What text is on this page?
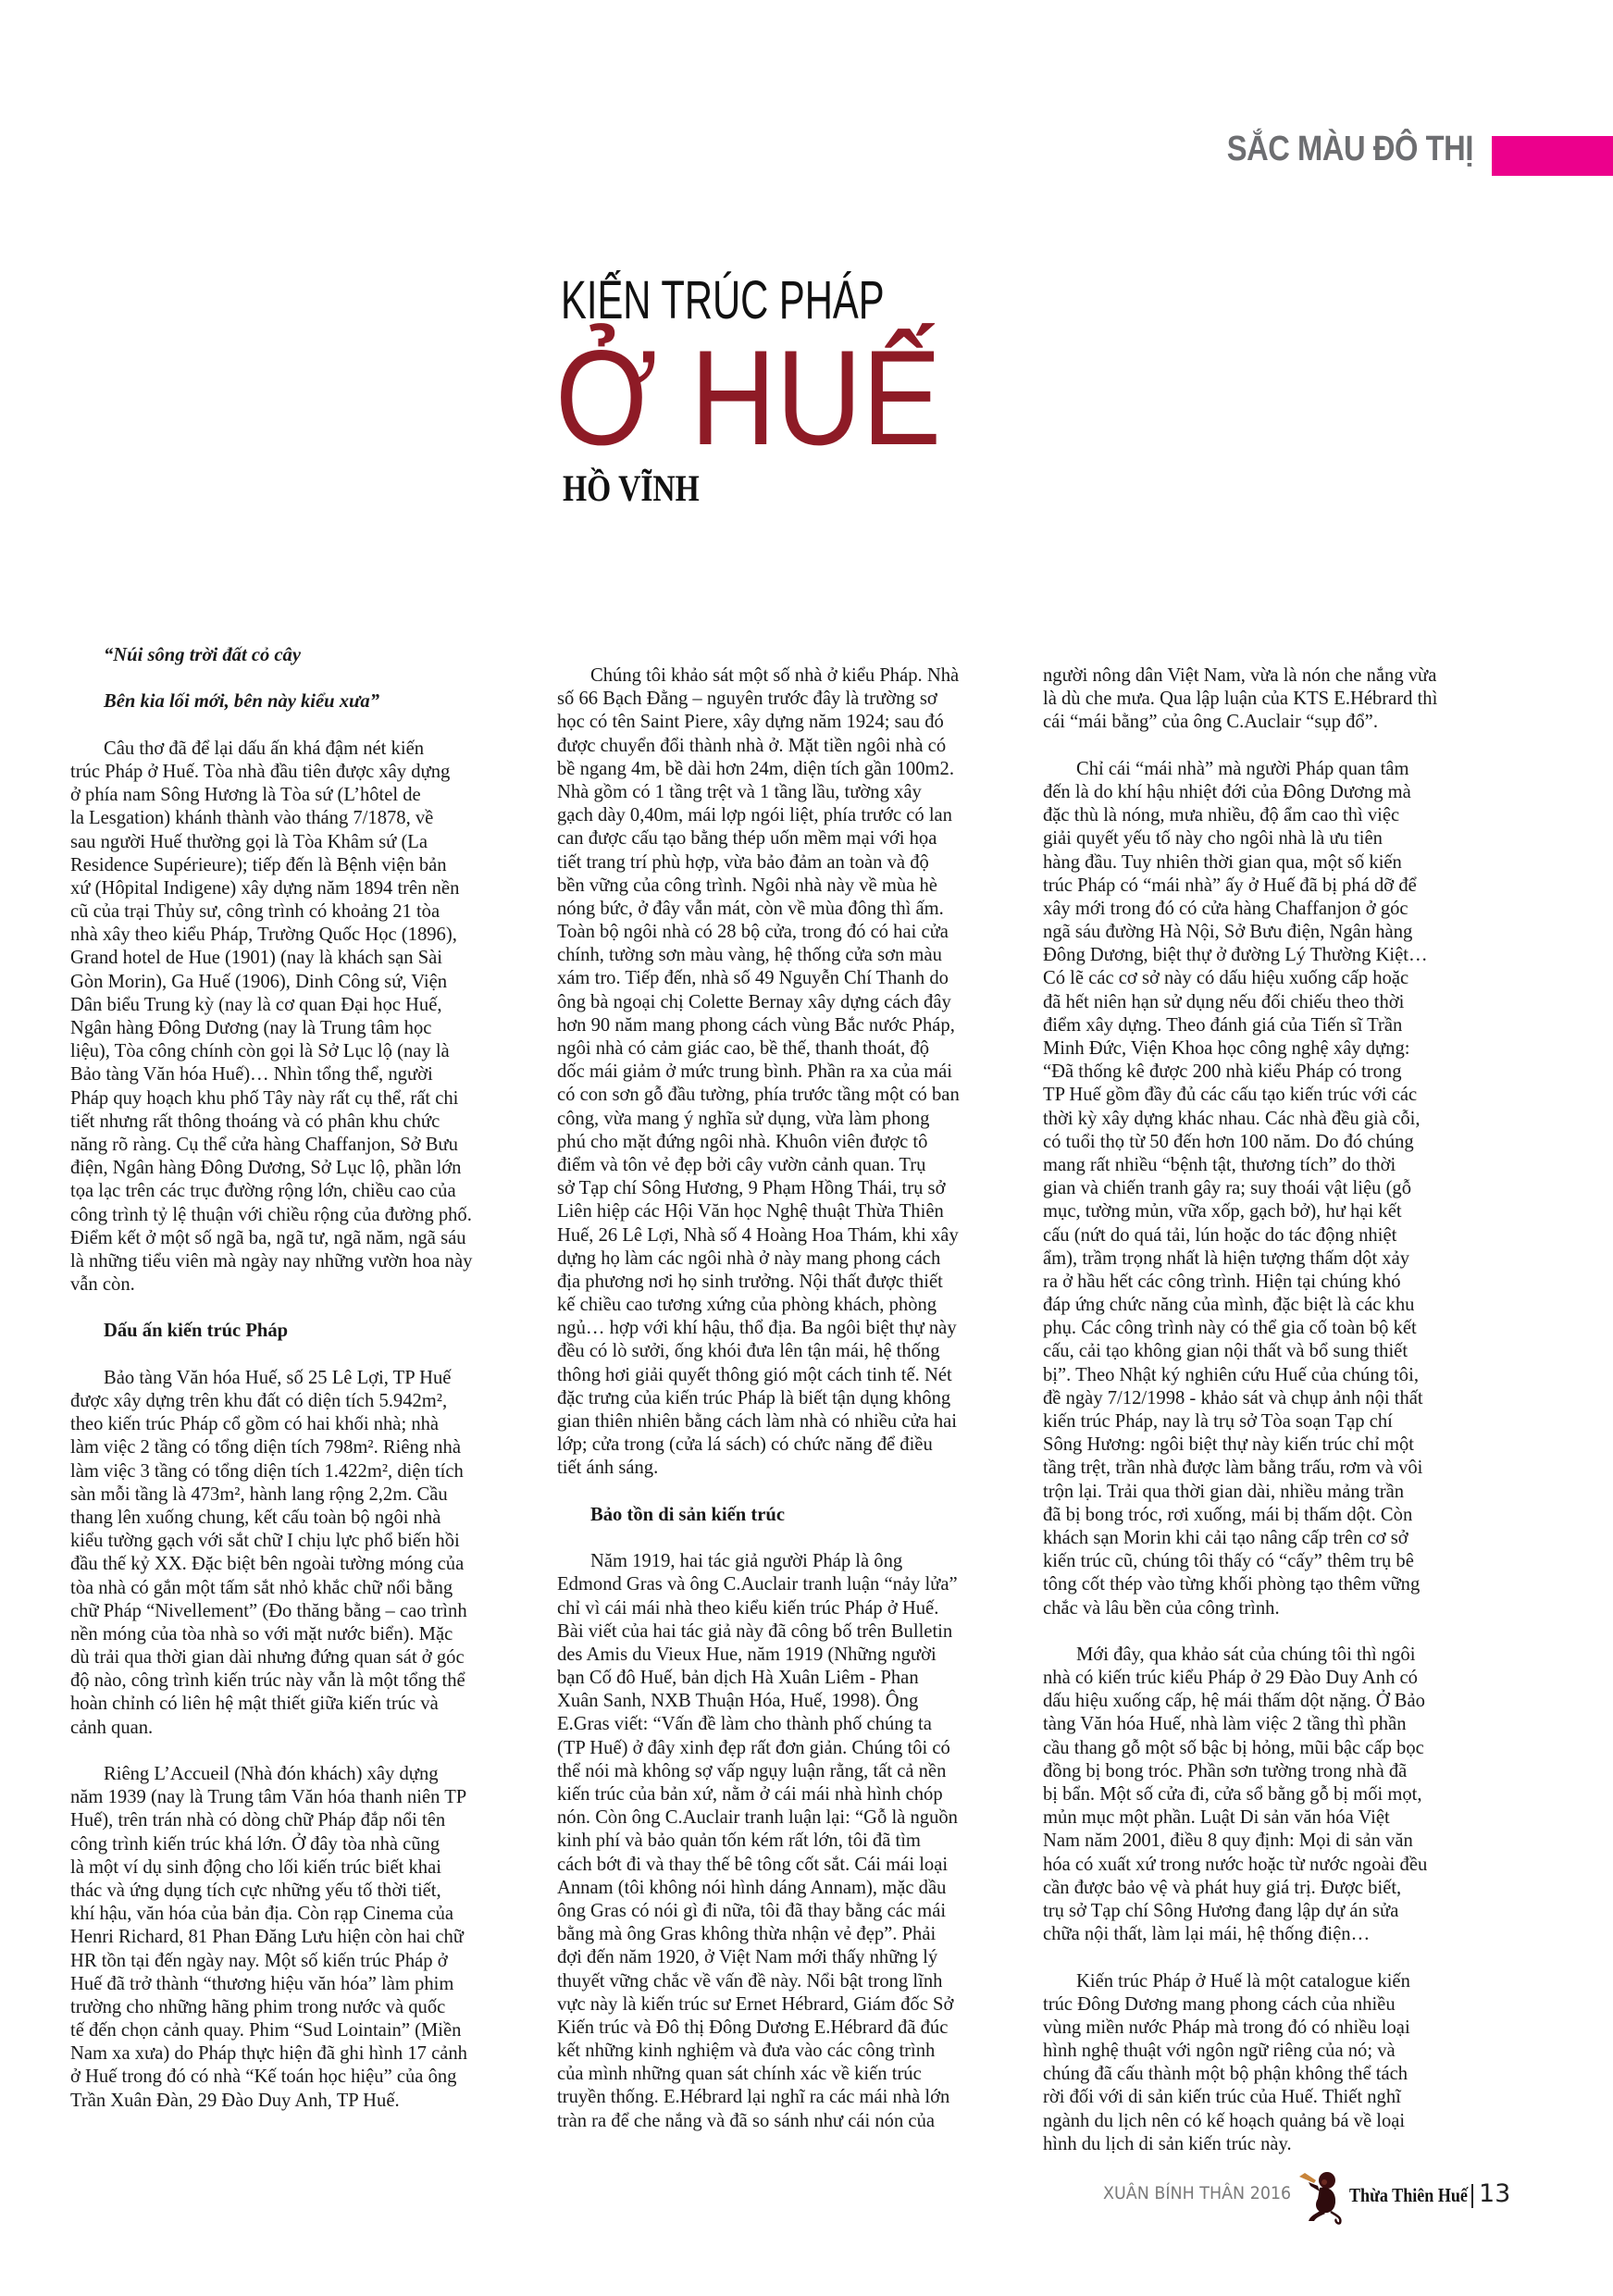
SẮC MÀU ĐÔ THỊ
KIẾN TRÚC PHÁP
Ở HUẾ
HỒ VĨNH
“Núi sông trời đất cỏ cây
Bên kia lối mới, bên này kiểu xưa”
Câu thơ đã để lại dấu ấn khá đậm nét kiến
trúc Pháp ở Huế. Tòa nhà đầu tiên được xây dựng
ở phía nam Sông Hương là Tòa sứ (L’hôtel de
la Lesgation) khánh thành vào tháng 7/1878, về
sau người Huế thường gọi là Tòa Khâm sứ (La
Residence Supérieure); tiếp đến là Bệnh viện bản
xứ (Hôpital Indigene) xây dựng năm 1894 trên nền
cũ của trại Thủy sư, công trình có khoảng 21 tòa
nhà xây theo kiểu Pháp, Trường Quốc Học (1896),
Grand hotel de Hue (1901) (nay là khách sạn Sài
Gòn Morin), Ga Huế (1906), Dinh Công sứ, Viện
Dân biểu Trung kỳ (nay là cơ quan Đại học Huế,
Ngân hàng Đông Dương (nay là Trung tâm học
liệu), Tòa công chính còn gọi là Sở Lục lộ (nay là
Bảo tàng Văn hóa Huế)… Nhìn tổng thể, người
Pháp quy hoạch khu phố Tây này rất cụ thể, rất chi
tiết nhưng rất thông thoáng và có phân khu chức
năng rõ ràng. Cụ thể cửa hàng Chaffanjon, Sở Bưu
điện, Ngân hàng Đông Dương, Sở Lục lộ, phần lớn
tọa lạc trên các trục đường rộng lớn, chiều cao của
công trình tỷ lệ thuận với chiều rộng của đường phố.
Điểm kết ở một số ngã ba, ngã tư, ngã năm, ngã sáu
là những tiểu viên mà ngày nay những vườn hoa này
vẫn còn.
Dấu ấn kiến trúc Pháp
Bảo tàng Văn hóa Huế, số 25 Lê Lợi, TP Huế
được xây dựng trên khu đất có diện tích 5.942m²,
theo kiến trúc Pháp cổ gồm có hai khối nhà; nhà
làm việc 2 tầng có tổng diện tích 798m². Riêng nhà
làm việc 3 tầng có tổng diện tích 1.422m², diện tích
sàn mỗi tầng là 473m², hành lang rộng 2,2m. Cầu
thang lên xuống chung, kết cấu toàn bộ ngôi nhà
kiểu tường gạch với sắt chữ I chịu lực phổ biến hồi
đầu thế kỷ XX. Đặc biệt bên ngoài tường móng của
tòa nhà có gắn một tấm sắt nhỏ khắc chữ nổi bằng
chữ Pháp “Nivellement” (Đo thăng bằng – cao trình
nền móng của tòa nhà so với mặt nước biển). Mặc
dù trải qua thời gian dài nhưng đứng quan sát ở góc
độ nào, công trình kiến trúc này vẫn là một tổng thể
hoàn chỉnh có liên hệ mật thiết giữa kiến trúc và
cảnh quan.
Riêng L’Accueil (Nhà đón khách) xây dựng
năm 1939 (nay là Trung tâm Văn hóa thanh niên TP
Huế), trên trán nhà có dòng chữ Pháp đắp nổi tên
công trình kiến trúc khá lớn. Ở đây tòa nhà cũng
là một ví dụ sinh động cho lối kiến trúc biết khai
thác và ứng dụng tích cực những yếu tố thời tiết,
khí hậu, văn hóa của bản địa. Còn rạp Cinema của
Henri Richard, 81 Phan Đăng Lưu hiện còn hai chữ
HR tồn tại đến ngày nay. Một số kiến trúc Pháp ở
Huế đã trở thành “thương hiệu văn hóa” làm phim
trường cho những hãng phim trong nước và quốc
tế đến chọn cảnh quay. Phim “Sud Lointain” (Miền
Nam xa xưa) do Pháp thực hiện đã ghi hình 17 cảnh
ở Huế trong đó có nhà “Kế toán học hiệu” của ông
Trần Xuân Đàn, 29 Đào Duy Anh, TP Huế.
Chúng tôi khảo sát một số nhà ở kiểu Pháp. Nhà
số 66 Bạch Đằng – nguyên trước đây là trường sơ
học có tên Saint Piere, xây dựng năm 1924; sau đó
được chuyển đổi thành nhà ở. Mặt tiền ngôi nhà có
bề ngang 4m, bề dài hơn 24m, diện tích gần 100m2.
Nhà gồm có 1 tầng trệt và 1 tầng lầu, tường xây
gạch dày 0,40m, mái lợp ngói liệt, phía trước có lan
can được cấu tạo bằng thép uốn mềm mại với họa
tiết trang trí phù hợp, vừa bảo đảm an toàn và độ
bền vững của công trình. Ngôi nhà này về mùa hè
nóng bức, ở đây vẫn mát, còn về mùa đông thì ấm.
Toàn bộ ngôi nhà có 28 bộ cửa, trong đó có hai cửa
chính, tường sơn màu vàng, hệ thống cửa sơn màu
xám tro. Tiếp đến, nhà số 49 Nguyễn Chí Thanh do
ông bà ngoại chị Colette Bernay xây dựng cách đây
hơn 90 năm mang phong cách vùng Bắc nước Pháp,
ngôi nhà có cảm giác cao, bề thế, thanh thoát, độ
dốc mái giảm ở mức trung bình. Phần ra xa của mái
có con sơn gỗ đầu tường, phía trước tầng một có ban
công, vừa mang ý nghĩa sử dụng, vừa làm phong
phú cho mặt đứng ngôi nhà. Khuôn viên được tô
điểm và tôn vẻ đẹp bởi cây vườn cảnh quan. Trụ
sở Tạp chí Sông Hương, 9 Phạm Hồng Thái, trụ sở
Liên hiệp các Hội Văn học Nghệ thuật Thừa Thiên
Huế, 26 Lê Lợi, Nhà số 4 Hoàng Hoa Thám, khi xây
dựng họ làm các ngôi nhà ở này mang phong cách
địa phương nơi họ sinh trưởng. Nội thất được thiết
kế chiều cao tương xứng của phòng khách, phòng
ngủ… hợp với khí hậu, thổ địa. Ba ngôi biệt thự này
đều có lò sưởi, ống khói đưa lên tận mái, hệ thống
thông hơi giải quyết thông gió một cách tinh tế. Nét
đặc trưng của kiến trúc Pháp là biết tận dụng không
gian thiên nhiên bằng cách làm nhà có nhiều cửa hai
lớp; cửa trong (cửa lá sách) có chức năng để điều
tiết ánh sáng.
Bảo tồn di sản kiến trúc
Năm 1919, hai tác giả người Pháp là ông
Edmond Gras và ông C.Auclair tranh luận “nảy lửa”
chỉ vì cái mái nhà theo kiểu kiến trúc Pháp ở Huế.
Bài viết của hai tác giả này đã công bố trên Bulletin
des Amis du Vieux Hue, năm 1919 (Những người
bạn Cố đô Huế, bản dịch Hà Xuân Liêm - Phan
Xuân Sanh, NXB Thuận Hóa, Huế, 1998). Ông
E.Gras viết: “Vấn đề làm cho thành phố chúng ta
(TP Huế) ở đây xinh đẹp rất đơn giản. Chúng tôi có
thể nói mà không sợ vấp ngụy luận rằng, tất cả nền
kiến trúc của bản xứ, nằm ở cái mái nhà hình chóp
nón. Còn ông C.Auclair tranh luận lại: “Gỗ là nguồn
kinh phí và bảo quản tốn kém rất lớn, tôi đã tìm
cách bớt đi và thay thế bê tông cốt sắt. Cái mái loại
Annam (tôi không nói hình dáng Annam), mặc dầu
ông Gras có nói gì đi nữa, tôi đã thay bằng các mái
bằng mà ông Gras không thừa nhận vẻ đẹp”. Phải
đợi đến năm 1920, ở Việt Nam mới thấy những lý
thuyết vững chắc về vấn đề này. Nổi bật trong lĩnh
vực này là kiến trúc sư Ernet Hébrard, Giám đốc Sở
Kiến trúc và Đô thị Đông Dương E.Hébrard đã đúc
kết những kinh nghiệm và đưa vào các công trình
của mình những quan sát chính xác về kiến trúc
truyền thống. E.Hébrard lại nghĩ ra các mái nhà lớn
tràn ra để che nắng và đã so sánh như cái nón của
người nông dân Việt Nam, vừa là nón che nắng vừa
là dù che mưa. Qua lập luận của KTS E.Hébrard thì
cái “mái bằng” của ông C.Auclair “sụp đổ”.
Chỉ cái “mái nhà” mà người Pháp quan tâm
đến là do khí hậu nhiệt đới của Đông Dương mà
đặc thù là nóng, mưa nhiều, độ ẩm cao thì việc
giải quyết yếu tố này cho ngôi nhà là ưu tiên
hàng đầu. Tuy nhiên thời gian qua, một số kiến
trúc Pháp có “mái nhà” ấy ở Huế đã bị phá dỡ để
xây mới trong đó có cửa hàng Chaffanjon ở góc
ngã sáu đường Hà Nội, Sở Bưu điện, Ngân hàng
Đông Dương, biệt thự ở đường Lý Thường Kiệt…
Có lẽ các cơ sở này có dấu hiệu xuống cấp hoặc
đã hết niên hạn sử dụng nếu đối chiếu theo thời
điểm xây dựng. Theo đánh giá của Tiến sĩ Trần
Minh Đức, Viện Khoa học công nghệ xây dựng:
“Đã thống kê được 200 nhà kiểu Pháp có trong
TP Huế gồm đầy đủ các cấu tạo kiến trúc với các
thời kỳ xây dựng khác nhau. Các nhà đều già cỗi,
có tuổi thọ từ 50 đến hơn 100 năm. Do đó chúng
mang rất nhiều “bệnh tật, thương tích” do thời
gian và chiến tranh gây ra; suy thoái vật liệu (gỗ
mục, tường mủn, vữa xốp, gạch bở), hư hại kết
cấu (nứt do quá tải, lún hoặc do tác động nhiệt
ẩm), trầm trọng nhất là hiện tượng thấm dột xảy
ra ở hầu hết các công trình. Hiện tại chúng khó
đáp ứng chức năng của mình, đặc biệt là các khu
phụ. Các công trình này có thể gia cố toàn bộ kết
cấu, cải tạo không gian nội thất và bổ sung thiết
bị”. Theo Nhật ký nghiên cứu Huế của chúng tôi,
đề ngày 7/12/1998 - khảo sát và chụp ảnh nội thất
kiến trúc Pháp, nay là trụ sở Tòa soạn Tạp chí
Sông Hương: ngôi biệt thự này kiến trúc chỉ một
tầng trệt, trần nhà được làm bằng trấu, rơm và vôi
trộn lại. Trải qua thời gian dài, nhiều mảng trần
đã bị bong tróc, rơi xuống, mái bị thấm dột. Còn
khách sạn Morin khi cải tạo nâng cấp trên cơ sở
kiến trúc cũ, chúng tôi thấy có “cấy” thêm trụ bê
tông cốt thép vào từng khối phòng tạo thêm vững
chắc và lâu bền của công trình.
Mới đây, qua khảo sát của chúng tôi thì ngôi
nhà có kiến trúc kiểu Pháp ở 29 Đào Duy Anh có
dấu hiệu xuống cấp, hệ mái thấm dột nặng. Ở Bảo
tàng Văn hóa Huế, nhà làm việc 2 tầng thì phần
cầu thang gỗ một số bậc bị hỏng, mũi bậc cấp bọc
đồng bị bong tróc. Phần sơn tường trong nhà đã
bị bẩn. Một số cửa đi, cửa sổ bằng gỗ bị mối mọt,
mủn mục một phần. Luật Di sản văn hóa Việt
Nam năm 2001, điều 8 quy định: Mọi di sản văn
hóa có xuất xứ trong nước hoặc từ nước ngoài đều
cần được bảo vệ và phát huy giá trị. Được biết,
trụ sở Tạp chí Sông Hương đang lập dự án sửa
chữa nội thất, làm lại mái, hệ thống điện…
Kiến trúc Pháp ở Huế là một catalogue kiến
trúc Đông Dương mang phong cách của nhiều
vùng miền nước Pháp mà trong đó có nhiều loại
hình nghệ thuật với ngôn ngữ riêng của nó; và
chúng đã cấu thành một bộ phận không thể tách
rời đối với di sản kiến trúc của Huế. Thiết nghĩ
ngành du lịch nên có kế hoạch quảng bá về loại
hình du lịch di sản kiến trúc này.
XUÂN BÍNH THÂN 2016	Thừa Thiên Huế 13
